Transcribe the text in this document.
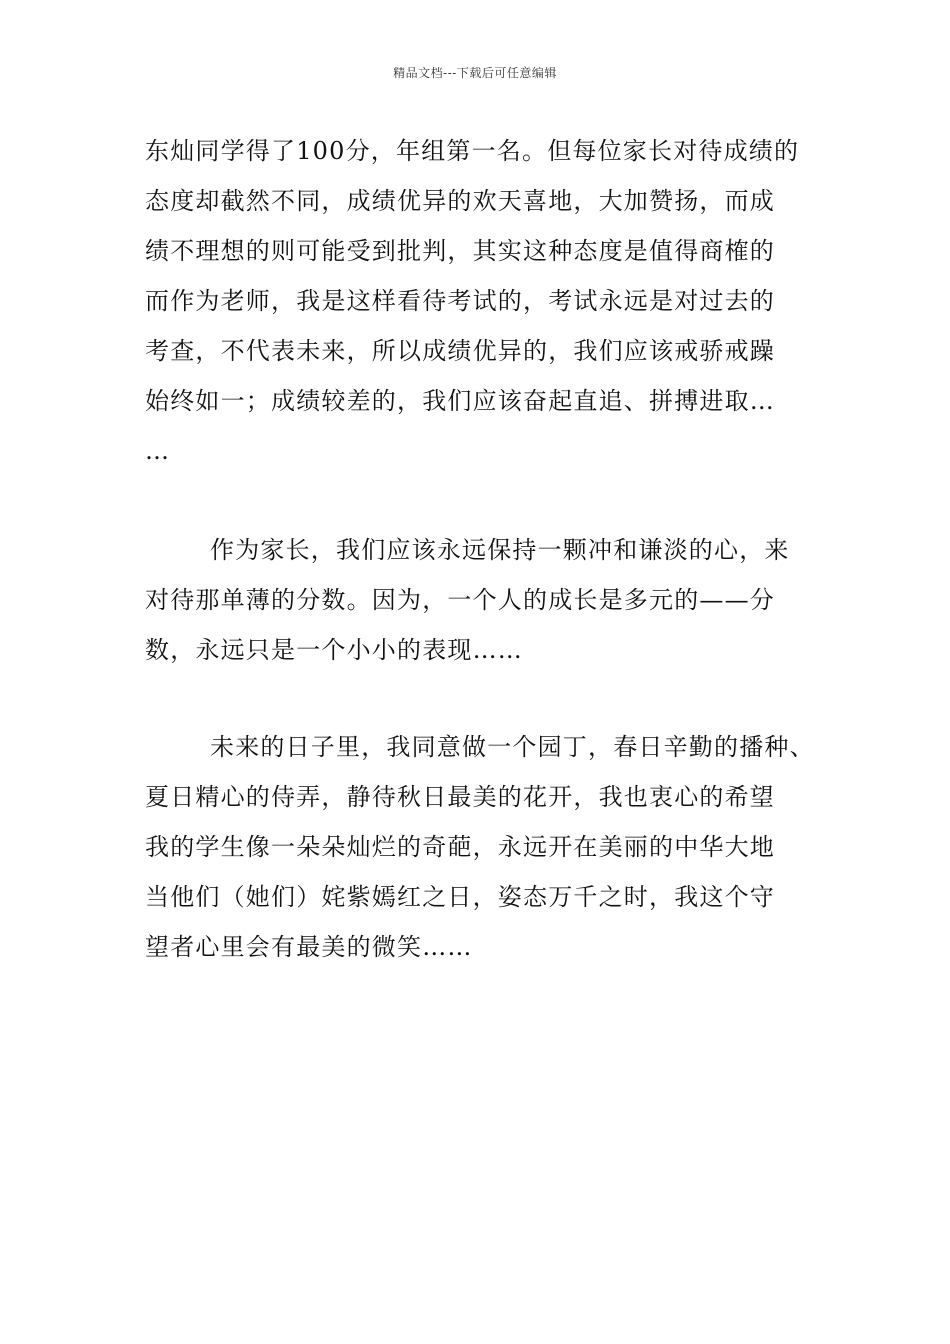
精品文档---下载后可任意编辑
东灿同学得了100分，年组第一名。但每位家长对待成绩的
态度却截然不同，成绩优异的欢天喜地，大加赞扬，而成
绩不理想的则可能受到批判，其实这种态度是值得商榷的
而作为老师，我是这样看待考试的，考试永远是对过去的
考查，不代表未来，所以成绩优异的，我们应该戒骄戒躁
始终如一；成绩较差的，我们应该奋起直追、拼搏进取…
…
作为家长，我们应该永远保持一颗冲和谦淡的心，来
对待那单薄的分数。因为，一个人的成长是多元的——分
数，永远只是一个小小的表现……
未来的日子里，我同意做一个园丁，春日辛勤的播种、
夏日精心的侍弄，静待秋日最美的花开，我也衷心的希望
我的学生像一朵朵灿烂的奇葩，永远开在美丽的中华大地
当他们（她们）姹紫嫣红之日，姿态万千之时，我这个守
望者心里会有最美的微笑……
